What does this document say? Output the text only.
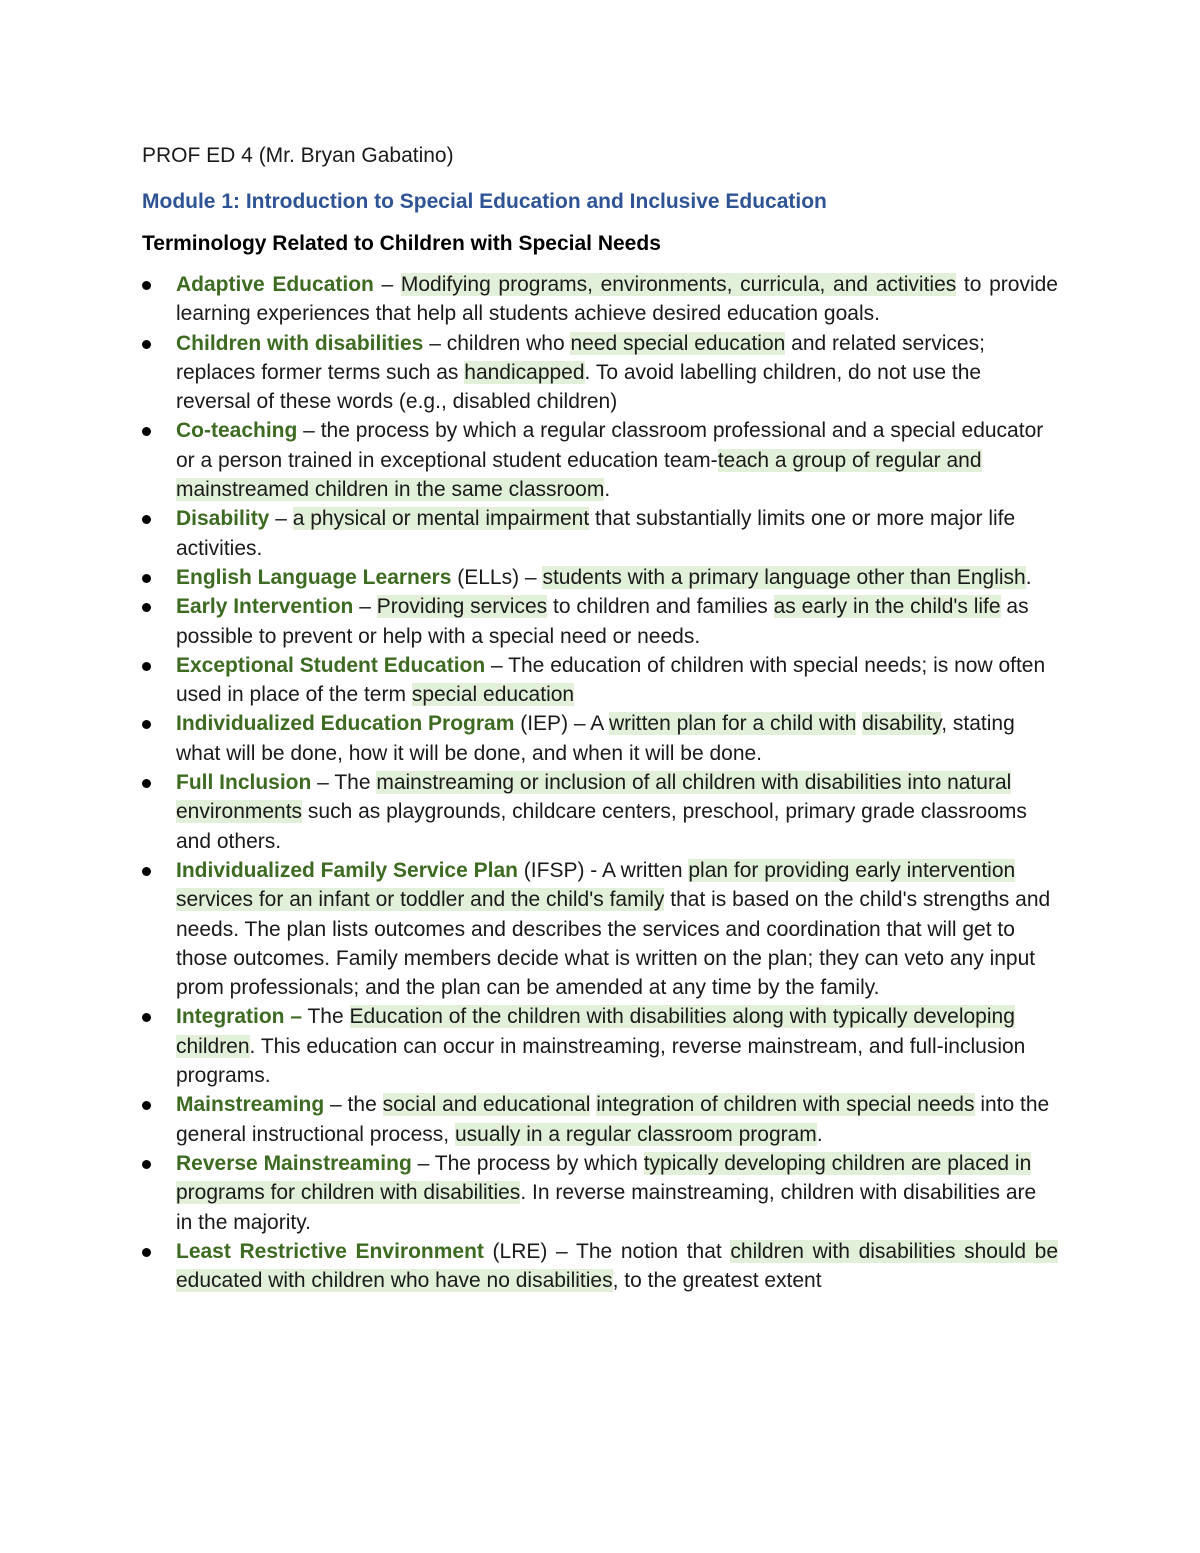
PROF ED 4 (Mr. Bryan Gabatino)

Module 1: Introduction to Special Education and Inclusive Education

Terminology Related to Children with Special Needs

Adaptive Education – Modifying programs, environments, curricula, and activities to provide learning experiences that help all students achieve desired education goals.
Children with disabilities – children who need special education and related services; replaces former terms such as handicapped. To avoid labelling children, do not use the reversal of these words (e.g., disabled children)
Co-teaching – the process by which a regular classroom professional and a special educator or a person trained in exceptional student education team-teach a group of regular and mainstreamed children in the same classroom.
Disability – a physical or mental impairment that substantially limits one or more major life activities.
English Language Learners (ELLs) – students with a primary language other than English.
Early Intervention – Providing services to children and families as early in the child's life as possible to prevent or help with a special need or needs.
Exceptional Student Education – The education of children with special needs; is now often used in place of the term special education
Individualized Education Program (IEP) – A written plan for a child with disability, stating what will be done, how it will be done, and when it will be done.
Full Inclusion – The mainstreaming or inclusion of all children with disabilities into natural environments such as playgrounds, childcare centers, preschool, primary grade classrooms and others.
Individualized Family Service Plan (IFSP) - A written plan for providing early intervention services for an infant or toddler and the child's family that is based on the child's strengths and needs. The plan lists outcomes and describes the services and coordination that will get to those outcomes. Family members decide what is written on the plan; they can veto any input prom professionals; and the plan can be amended at any time by the family.
Integration – The Education of the children with disabilities along with typically developing children. This education can occur in mainstreaming, reverse mainstream, and full-inclusion programs.
Mainstreaming – the social and educational integration of children with special needs into the general instructional process, usually in a regular classroom program.
Reverse Mainstreaming – The process by which typically developing children are placed in programs for children with disabilities. In reverse mainstreaming, children with disabilities are in the majority.
Least Restrictive Environment (LRE) – The notion that children with disabilities should be educated with children who have no disabilities, to the greatest extent
